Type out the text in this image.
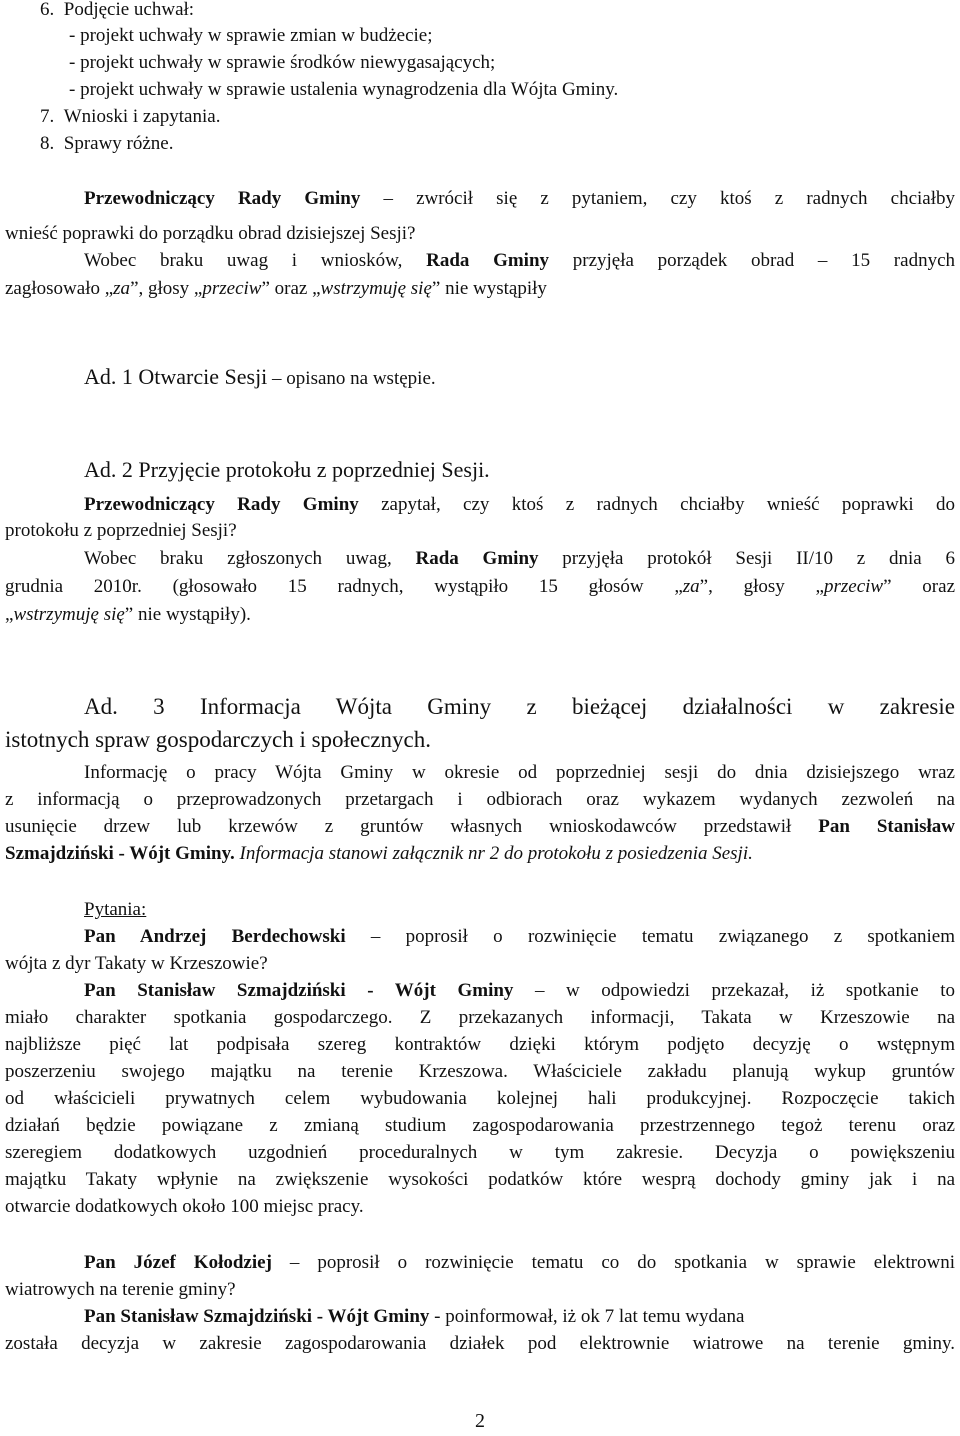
6. Podjęcie uchwał:
- projekt uchwały w sprawie zmian w budżecie;
- projekt uchwały w sprawie środków niewygasających;
- projekt uchwały w sprawie ustalenia wynagrodzenia dla Wójta Gminy.
7. Wnioski i zapytania.
8. Sprawy różne.
Przewodniczący Rady Gminy – zwrócił się z pytaniem, czy ktoś z radnych chciałby
wnieść poprawki do porządku obrad dzisiejszej Sesji?
Wobec braku uwag i wniosków, Rada Gminy przyjęła porządek obrad – 15 radnych
zagłosowało „za”, głosy „przeciw” oraz „wstrzymuję się” nie wystąpiły
Ad. 1 Otwarcie Sesji – opisano na wstępie.
Ad. 2 Przyjęcie protokołu z poprzedniej Sesji.
Przewodniczący Rady Gminy zapytał, czy ktoś z radnych chciałby wnieść poprawki do
protokołu z poprzedniej Sesji?
Wobec braku zgłoszonych uwag, Rada Gminy przyjęła protokół Sesji II/10 z dnia 6
grudnia 2010r. (głosowało 15 radnych, wystąpiło 15 głosów „za”, głosy „przeciw” oraz
„wstrzymuję się” nie wystąpiły).
Ad. 3 Informacja Wójta Gminy z bieżącej działalności w zakresie
istotnych spraw gospodarczych i społecznych.
Informację o pracy Wójta Gminy w okresie od poprzedniej sesji do dnia dzisiejszego wraz
z informacją o przeprowadzonych przetargach i odbiorach oraz wykazem wydanych zezwoleń na
usunięcie drzew lub krzewów z gruntów własnych wnioskodawców przedstawił Pan Stanisław
Szmajdziński - Wójt Gminy. Informacja stanowi załącznik nr 2 do protokołu z posiedzenia Sesji.
Pytania:
Pan Andrzej Berdechowski – poprosił o rozwinięcie tematu związanego z spotkaniem
wójta z dyr Takaty w Krzeszowie?
Pan Stanisław Szmajdziński - Wójt Gminy – w odpowiedzi przekazał, iż spotkanie to
miało charakter spotkania gospodarczego. Z przekazanych informacji, Takata w Krzeszowie na
najbliższe pięć lat podpisała szereg kontraktów dzięki którym podjęto decyzję o wstępnym
poszerzeniu swojego majątku na terenie Krzeszowa. Właściciele zakładu planują wykup gruntów
od właścicieli prywatnych celem wybudowania kolejnej hali produkcyjnej. Rozpoczęcie takich
działań będzie powiązane z zmianą studium zagospodarowania przestrzennego tegoż terenu oraz
szeregiem dodatkowych uzgodnień proceduralnych w tym zakresie. Decyzja o powiększeniu
majątku Takaty wpłynie na zwiększenie wysokości podatków które wesprą dochody gminy jak i na
otwarcie dodatkowych około 100 miejsc pracy.
Pan Józef Kołodziej – poprosił o rozwinięcie tematu co do spotkania w sprawie elektrowni
wiatrowych na terenie gminy?
Pan Stanisław Szmajdziński - Wójt Gminy - poinformował, iż ok 7 lat temu wydana
została decyzja w zakresie zagospodarowania działek pod elektrownie wiatrowe na terenie gminy.
2
